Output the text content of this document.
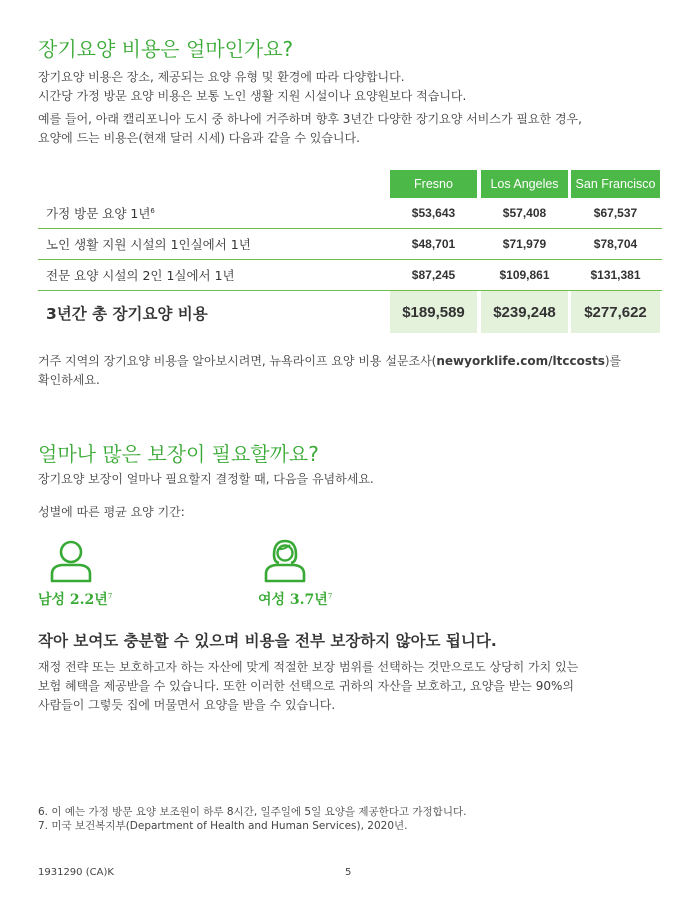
장기요양 비용은 얼마인가요?
장기요양 비용은 장소, 제공되는 요양 유형 및 환경에 따라 다양합니다.
시간당 가정 방문 요양 비용은 보통 노인 생활 지원 시설이나 요양원보다 적습니다.
예를 들어, 아래 캘리포니아 도시 중 하나에 거주하며 향후 3년간 다양한 장기요양 서비스가 필요한 경우,
요양에 드는 비용은(현재 달러 시세) 다음과 같을 수 있습니다.
Fresno	Los Angeles	San Francisco
가정 방문 요양 1년$^6$	$53,643	$57,408	$67,537
노인 생활 지원 시설의 1인실에서 1년	$48,701	$71,979	$78,704
전문 요양 시설의 2인 1실에서 1년	$87,245	$109,861	$131,381
3년간 총 장기요양 비용	$189,589	$239,248	$277,622
거주 지역의 장기요양 비용을 알아보시려면, 뉴욕라이프 요양 비용 설문조사(newyorklife.com/ltccosts)를
확인하세요.
얼마나 많은 보장이 필요할까요?
장기요양 보장이 얼마나 필요할지 결정할 때, 다음을 유념하세요.
성별에 따른 평균 요양 기간:
남성 2.2년$^7$	여성 3.7년$^7$
작아 보여도 충분할 수 있으며 비용을 전부 보장하지 않아도 됩니다.
재정 전략 또는 보호하고자 하는 자산에 맞게 적절한 보장 범위를 선택하는 것만으로도 상당히 가치 있는
보험 혜택을 제공받을 수 있습니다. 또한 이러한 선택으로 귀하의 자산을 보호하고, 요양을 받는 90%의
사람들이 그렇듯 집에 머물면서 요양을 받을 수 있습니다.
6. 이 예는 가정 방문 요양 보조원이 하루 8시간, 일주일에 5일 요양을 제공한다고 가정합니다.
7. 미국 보건복지부(Department of Health and Human Services), 2020년.
1931290 (CA)K	5
